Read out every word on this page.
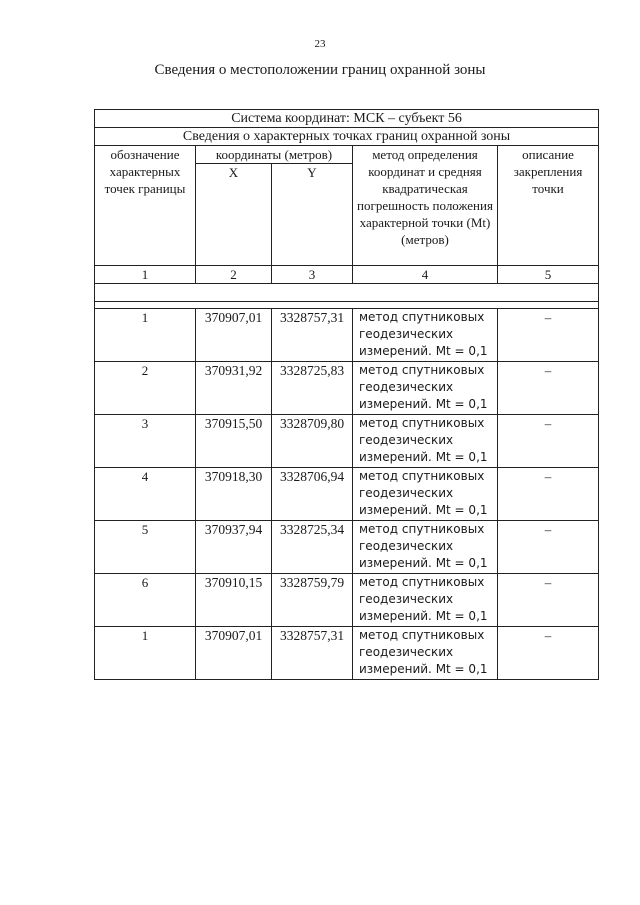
23
Сведения о местоположении границ охранной зоны
Система координат: МСК – субъект 56				
Сведения о характерных точках границ охранной зоны				
обозначение характерных точек границы	координаты (метров)		метод определения координат и средняя квадратическая погрешность положения характерной точки (Mt) (метров)	описание закрепления точки
	X	Y		
1	2	3	4	5

1	370907,01	3328757,31	метод спутниковых геодезических измерений. Mt = 0,1	–
2	370931,92	3328725,83	метод спутниковых геодезических измерений. Mt = 0,1	–
3	370915,50	3328709,80	метод спутниковых геодезических измерений. Mt = 0,1	–
4	370918,30	3328706,94	метод спутниковых геодезических измерений. Mt = 0,1	–
5	370937,94	3328725,34	метод спутниковых геодезических измерений. Mt = 0,1	–
6	370910,15	3328759,79	метод спутниковых геодезических измерений. Mt = 0,1	–
1	370907,01	3328757,31	метод спутниковых геодезических измерений. Mt = 0,1	–
